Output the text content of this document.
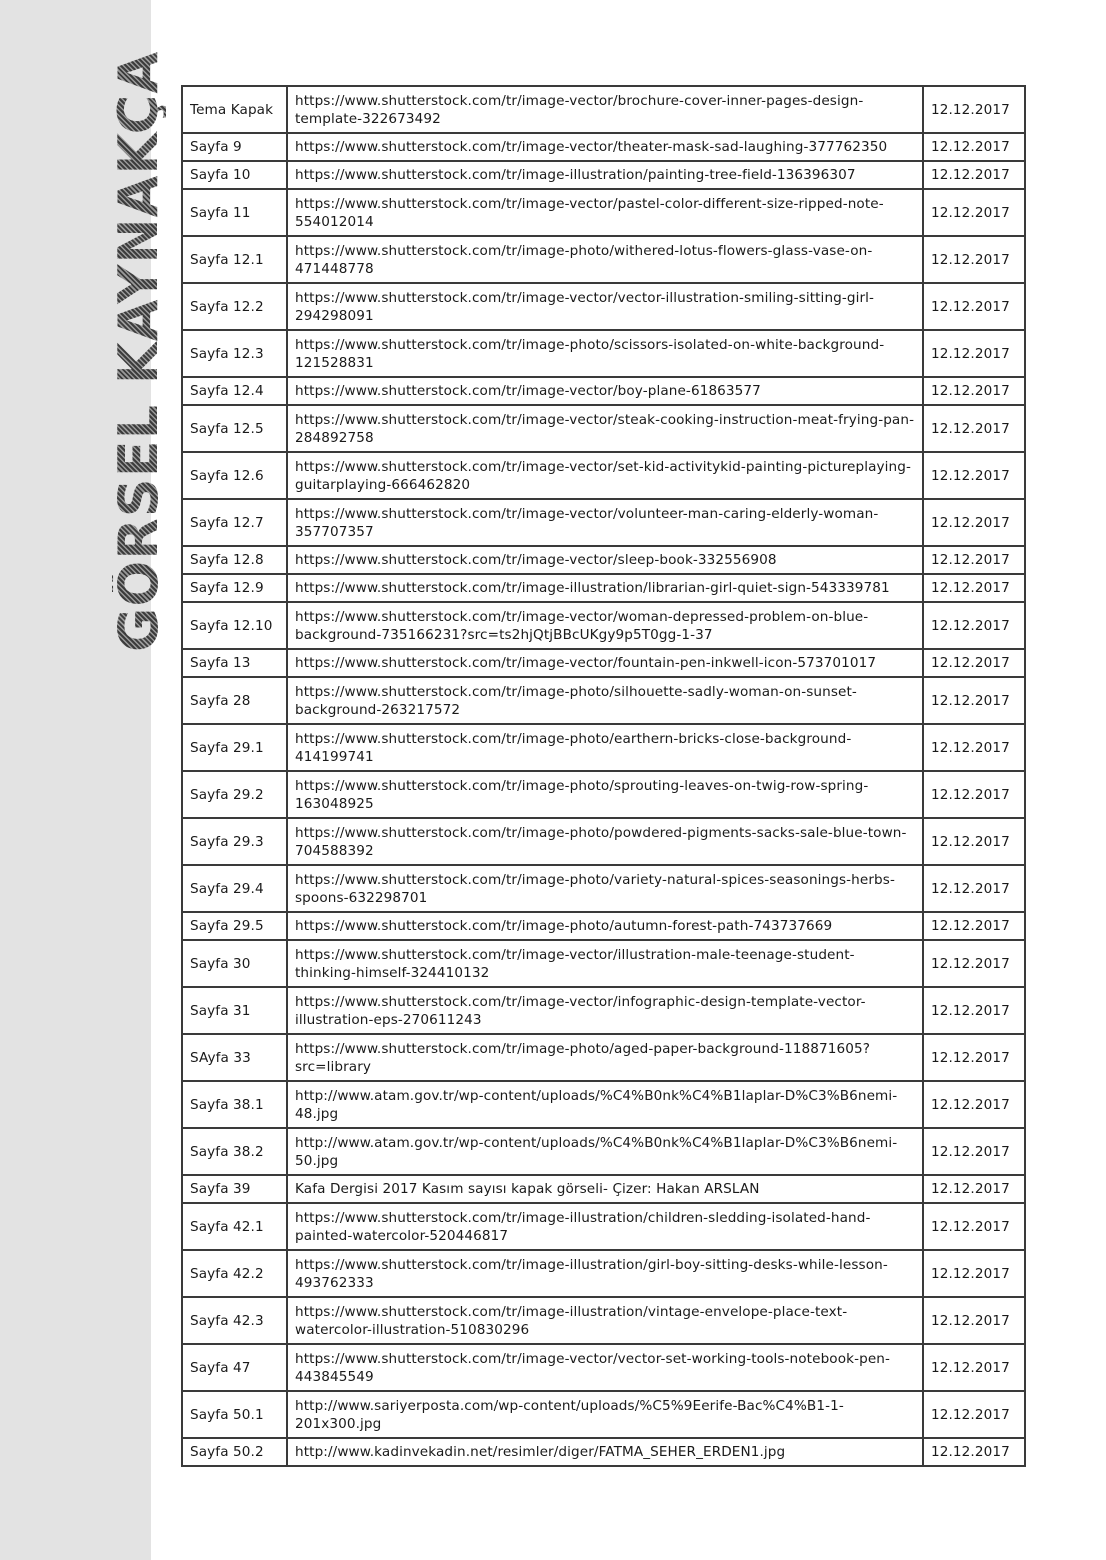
GÖRSEL KAYNAKÇA Tema Kapak	https://www.shutterstock.com/tr/image-vector/brochure-cover-inner-pages-design-template-322673492	12.12.2017
Sayfa 9	https://www.shutterstock.com/tr/image-vector/theater-mask-sad-laughing-377762350	12.12.2017
Sayfa 10	https://www.shutterstock.com/tr/image-illustration/painting-tree-field-136396307	12.12.2017
Sayfa 11	https://www.shutterstock.com/tr/image-vector/pastel-color-different-size-ripped-note-554012014	12.12.2017
Sayfa 12.1	https://www.shutterstock.com/tr/image-photo/withered-lotus-flowers-glass-vase-on-471448778	12.12.2017
Sayfa 12.2	https://www.shutterstock.com/tr/image-vector/vector-illustration-smiling-sitting-girl-294298091	12.12.2017
Sayfa 12.3	https://www.shutterstock.com/tr/image-photo/scissors-isolated-on-white-background-121528831	12.12.2017
Sayfa 12.4	https://www.shutterstock.com/tr/image-vector/boy-plane-61863577	12.12.2017
Sayfa 12.5	https://www.shutterstock.com/tr/image-vector/steak-cooking-instruction-meat-frying-pan-284892758	12.12.2017
Sayfa 12.6	https://www.shutterstock.com/tr/image-vector/set-kid-activitykid-painting-pictureplaying-guitarplaying-666462820	12.12.2017
Sayfa 12.7	https://www.shutterstock.com/tr/image-vector/volunteer-man-caring-elderly-woman-357707357	12.12.2017
Sayfa 12.8	https://www.shutterstock.com/tr/image-vector/sleep-book-332556908	12.12.2017
Sayfa 12.9	https://www.shutterstock.com/tr/image-illustration/librarian-girl-quiet-sign-543339781	12.12.2017
Sayfa 12.10	https://www.shutterstock.com/tr/image-vector/woman-depressed-problem-on-blue-background-735166231?src=ts2hjQtjBBcUKgy9p5T0gg-1-37	12.12.2017
Sayfa 13	https://www.shutterstock.com/tr/image-vector/fountain-pen-inkwell-icon-573701017	12.12.2017
Sayfa 28	https://www.shutterstock.com/tr/image-photo/silhouette-sadly-woman-on-sunset-background-263217572	12.12.2017
Sayfa 29.1	https://www.shutterstock.com/tr/image-photo/earthern-bricks-close-background-414199741	12.12.2017
Sayfa 29.2	https://www.shutterstock.com/tr/image-photo/sprouting-leaves-on-twig-row-spring-163048925	12.12.2017
Sayfa 29.3	https://www.shutterstock.com/tr/image-photo/powdered-pigments-sacks-sale-blue-town-704588392	12.12.2017
Sayfa 29.4	https://www.shutterstock.com/tr/image-photo/variety-natural-spices-seasonings-herbs-spoons-632298701	12.12.2017
Sayfa 29.5	https://www.shutterstock.com/tr/image-photo/autumn-forest-path-743737669	12.12.2017
Sayfa 30	https://www.shutterstock.com/tr/image-vector/illustration-male-teenage-student-thinking-himself-324410132	12.12.2017
Sayfa 31	https://www.shutterstock.com/tr/image-vector/infographic-design-template-vector-illustration-eps-270611243	12.12.2017
SAyfa 33	https://www.shutterstock.com/tr/image-photo/aged-paper-background-118871605?src=library	12.12.2017
Sayfa 38.1	http://www.atam.gov.tr/wp-content/uploads/%C4%B0nk%C4%B1laplar-D%C3%B6nemi-48.jpg	12.12.2017
Sayfa 38.2	http://www.atam.gov.tr/wp-content/uploads/%C4%B0nk%C4%B1laplar-D%C3%B6nemi-50.jpg	12.12.2017
Sayfa 39	Kafa Dergisi 2017 Kasım sayısı kapak görseli- Çizer: Hakan ARSLAN	12.12.2017
Sayfa 42.1	https://www.shutterstock.com/tr/image-illustration/children-sledding-isolated-hand-painted-watercolor-520446817	12.12.2017
Sayfa 42.2	https://www.shutterstock.com/tr/image-illustration/girl-boy-sitting-desks-while-lesson-493762333	12.12.2017
Sayfa 42.3	https://www.shutterstock.com/tr/image-illustration/vintage-envelope-place-text-watercolor-illustration-510830296	12.12.2017
Sayfa 47	https://www.shutterstock.com/tr/image-vector/vector-set-working-tools-notebook-pen-443845549	12.12.2017
Sayfa 50.1	http://www.sariyerposta.com/wp-content/uploads/%C5%9Eerife-Bac%C4%B1-1-201x300.jpg	12.12.2017
Sayfa 50.2	http://www.kadinvekadin.net/resimler/diger/FATMA_SEHER_ERDEN1.jpg	12.12.2017
